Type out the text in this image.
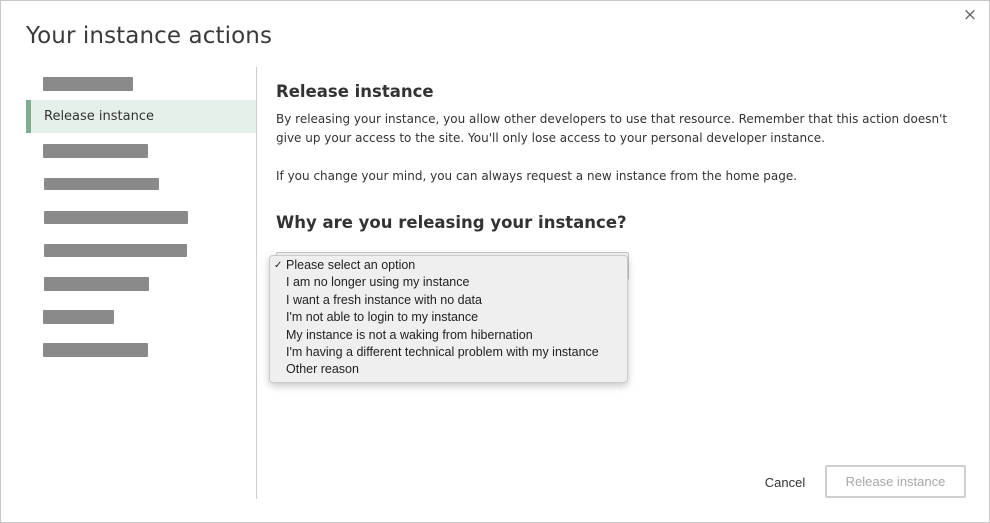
×
Your instance actions
Release instance
Release instance

By releasing your instance, you allow other developers to use that resource. Remember that this action doesn't give up your access to the site. You'll only lose access to your personal developer instance.

If you change your mind, you can always request a new instance from the home page.

Why are you releasing your instance?
✓ Please select an option
I am no longer using my instance
I want a fresh instance with no data
I'm not able to login to my instance
My instance is not a waking from hibernation
I'm having a different technical problem with my instance
Other reason
Cancel	Release instance
